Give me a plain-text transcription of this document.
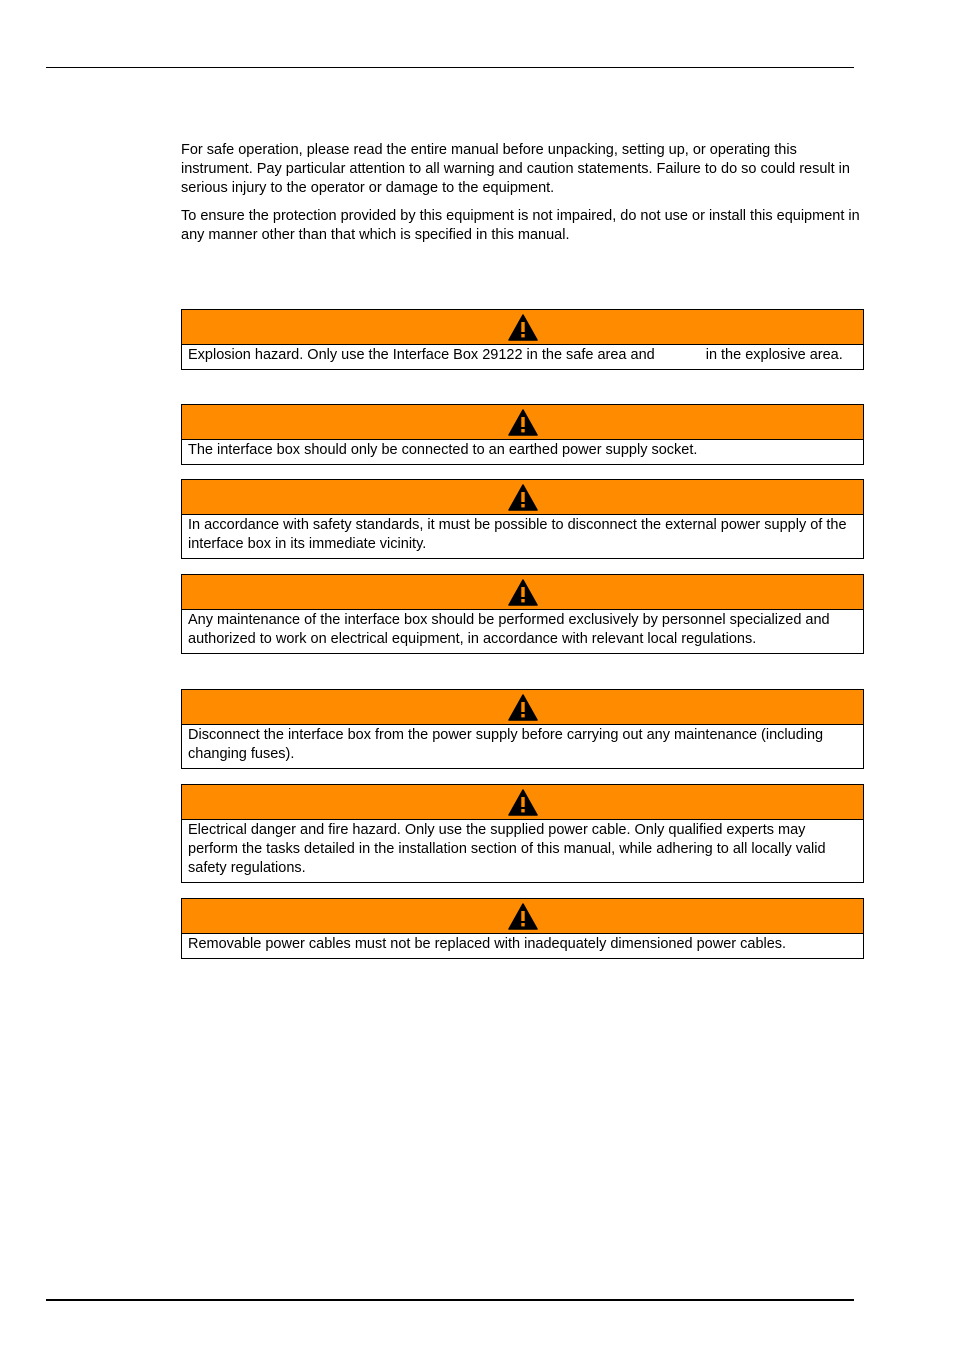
For safe operation, please read the entire manual before unpacking, setting up, or operating this instrument. Pay particular attention to all warning and caution statements. Failure to do so could result in serious injury to the operator or damage to the equipment.

To ensure the protection provided by this equipment is not impaired, do not use or install this equipment in any manner other than that which is specified in this manual.

Explosion hazard. Only use the Interface Box 29122 in the safe area and	in the explosive area.
The interface box should only be connected to an earthed power supply socket.
In accordance with safety standards, it must be possible to disconnect the external power supply of the interface box in its immediate vicinity.
Any maintenance of the interface box should be performed exclusively by personnel specialized and authorized to work on electrical equipment, in accordance with relevant local regulations.
Disconnect the interface box from the power supply before carrying out any maintenance (including changing fuses).
Electrical danger and fire hazard. Only use the supplied power cable. Only qualified experts may perform the tasks detailed in the installation section of this manual, while adhering to all locally valid safety regulations.
Removable power cables must not be replaced with inadequately dimensioned power cables.
